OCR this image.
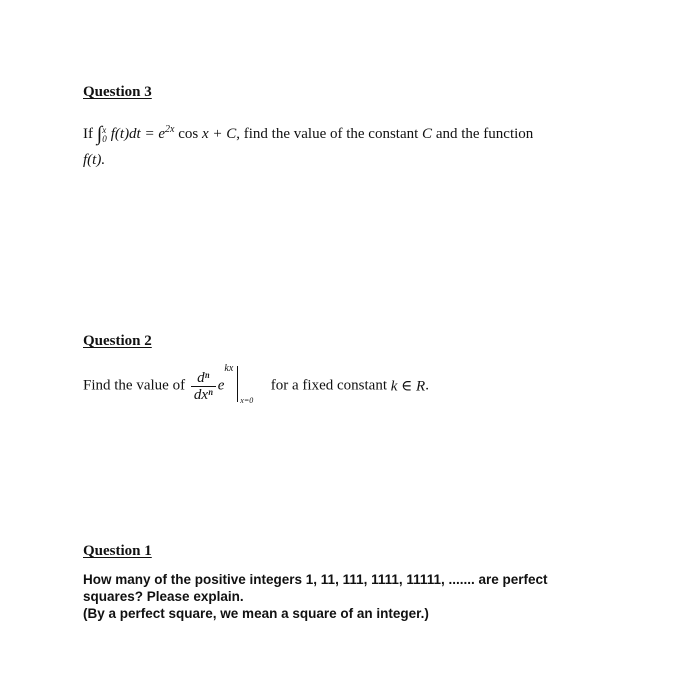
Question 3
If ∫ x
0 $f(t)dt = e^{2x}$ cos x + C, find the value of the constant C and the function
f(t).
Question 2
Find the value of $\frac{\text{dⁿ}}{\text{dxⁿ}} e^{kx}$
x=0
for a fixed constant k ∈ R.
Question 1
How many of the positive integers 1, 11, 111, 1111, 11111, ....... are perfect
squares? Please explain.
(By a perfect square, we mean a square of an integer.)
